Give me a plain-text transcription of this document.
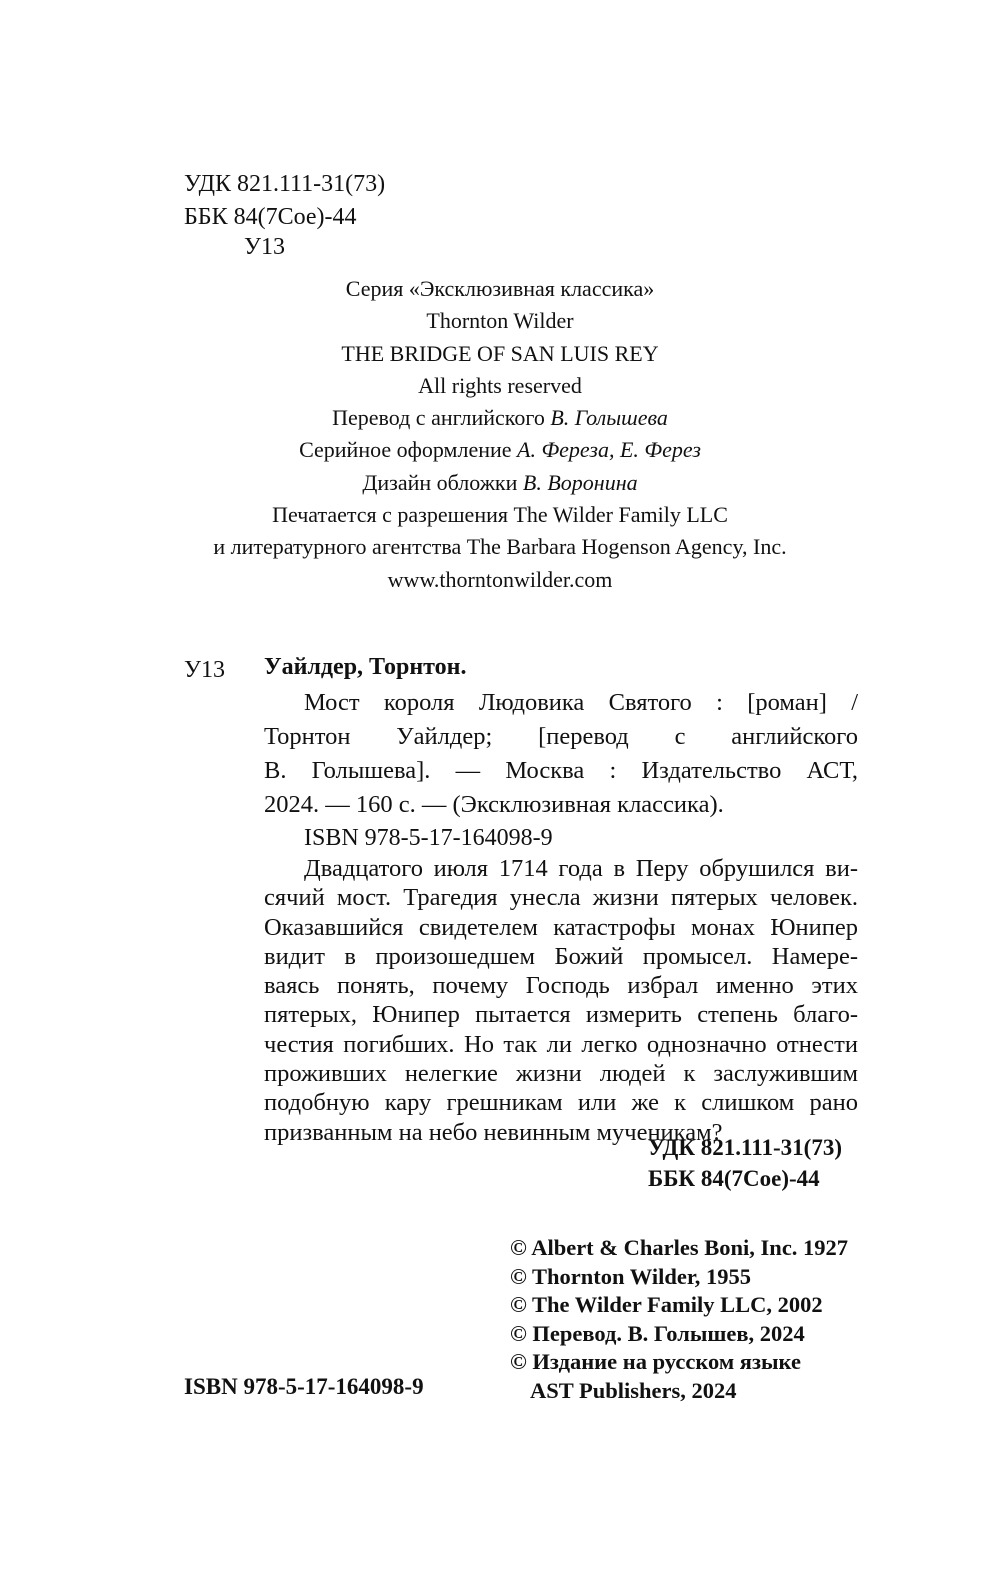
УДК 821.111-31(73)
ББК 84(7Сое)-44
У13
Серия «Эксклюзивная классика»
Thornton Wilder
THE BRIDGE OF SAN LUIS REY
All rights reserved
Перевод с английского В. Голышева
Серийное оформление А. Фереза, Е. Ферез
Дизайн обложки В. Воронина
Печатается с разрешения The Wilder Family LLC
и литературного агентства The Barbara Hogenson Agency, Inc.
www.thorntonwilder.com
У13 Уайлдер, Торнтон.
Мост короля Людовика Святого : [роман] /
Торнтон Уайлдер; [перевод с английского
В. Голышева]. — Москва : Издательство АСТ,
2024. — 160 с. — (Эксклюзивная классика).
ISBN 978-5-17-164098-9
Двадцатого июля 1714 года в Перу обрушился ви-
сячий мост. Трагедия унесла жизни пятерых человек.
Оказавшийся свидетелем катастрофы монах Юнипер
видит в произошедшем Божий промысел. Намере-
ваясь понять, почему Господь избрал именно этих
пятерых, Юнипер пытается измерить степень благо-
честия погибших. Но так ли легко однозначно отнести
проживших нелегкие жизни людей к заслужившим
подобную кару грешникам или же к слишком рано
призванным на небо невинным мученикам?
УДК 821.111-31(73)
ББК 84(7Сое)-44
© Albert & Charles Boni, Inc. 1927
© Thornton Wilder, 1955
© The Wilder Family LLC, 2002
© Перевод. В. Голышев, 2024
© Издание на русском языке
AST Publishers, 2024
ISBN 978-5-17-164098-9
